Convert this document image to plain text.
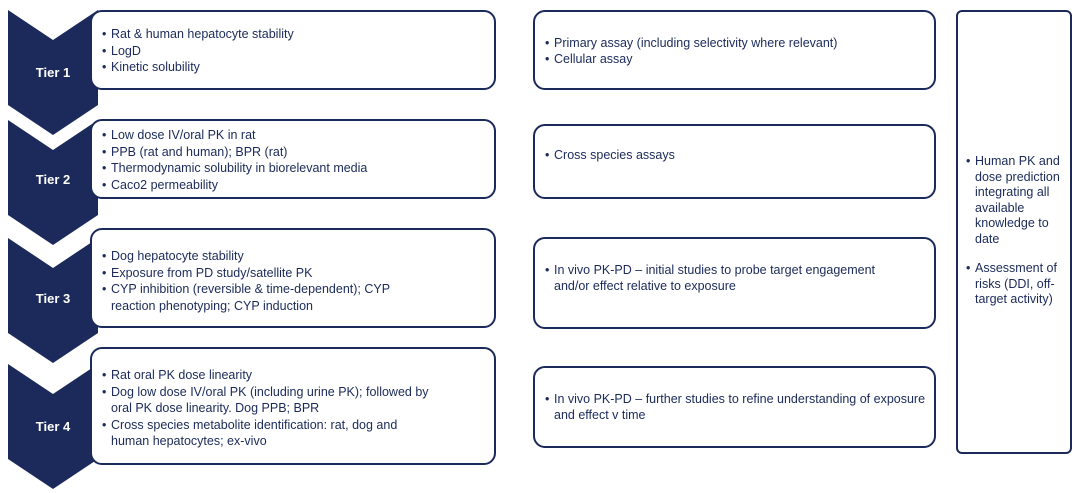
Tier 1
• Rat & human hepatocyte stability
• LogD
• Kinetic solubility
• Primary assay (including selectivity where relevant)
• Cellular assay
Tier 2
• Low dose IV/oral PK in rat
• PPB (rat and human); BPR (rat)
• Thermodynamic solubility in biorelevant media
• Caco2 permeability
• Cross species assays
Tier 3
• Dog hepatocyte stability
• Exposure from PD study/satellite PK
• CYP inhibition (reversible & time-dependent); CYP reaction phenotyping; CYP induction
• In vivo PK-PD – initial studies to probe target engagement and/or effect relative to exposure
Tier 4
• Rat oral PK dose linearity
• Dog low dose IV/oral PK (including urine PK); followed by oral PK dose linearity. Dog PPB; BPR
• Cross species metabolite identification: rat, dog and human hepatocytes; ex-vivo
• In vivo PK-PD – further studies to refine understanding of exposure and effect v time
• Human PK and dose prediction integrating all available knowledge to date
• Assessment of risks (DDI, off-target activity)
